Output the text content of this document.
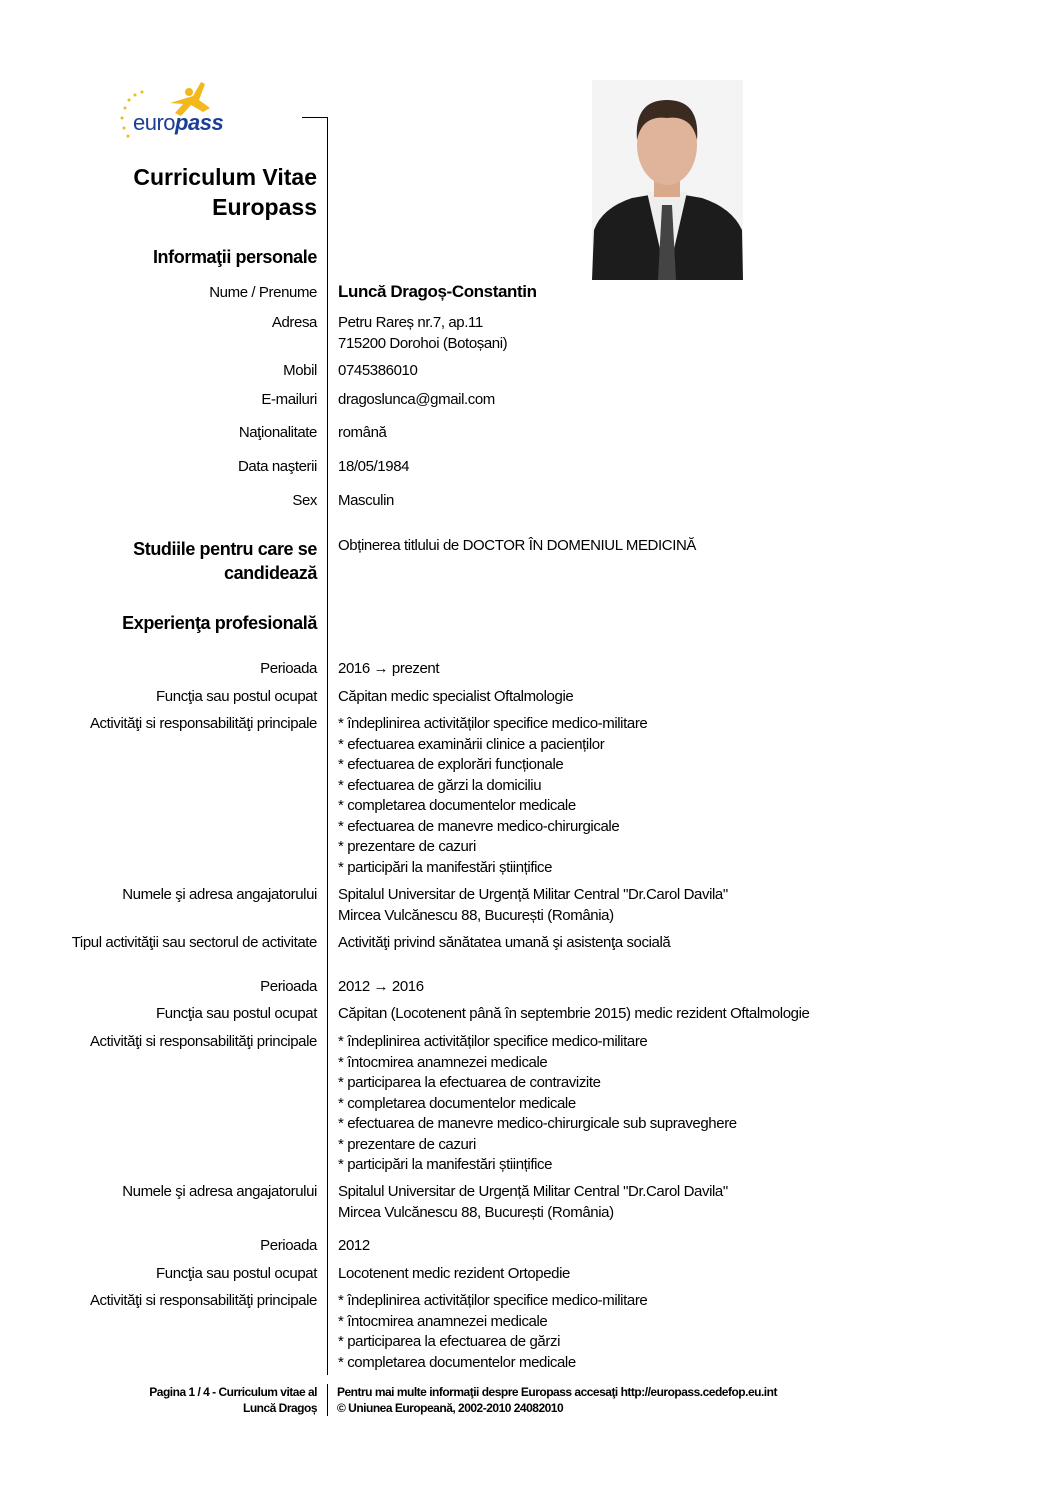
europass
Curriculum Vitae
Europass
Informaţii personale
Studiile pentru care se candidează
Obținerea titlului de DOCTOR ÎN DOMENIUL MEDICINĂ
Experienţa profesională
Nume / Prenume Luncă Dragoș-Constantin
Adresa Petru Rareș nr.7, ap.11
715200 Dorohoi (Botoșani)
Mobil 0745386010
E-mailuri dragoslunca@gmail.com
Naţionalitate română
Data naşterii 18/05/1984
Sex Masculin
Perioada 2016 → prezent
Funcţia sau postul ocupat Căpitan medic specialist Oftalmologie
Activităţi si responsabilităţi principale * îndeplinirea activităților specifice medico-militare
* efectuarea examinării clinice a pacienților
* efectuarea de explorări funcționale
* efectuarea de gărzi la domiciliu
* completarea documentelor medicale
* efectuarea de manevre medico-chirurgicale
* prezentare de cazuri
* participări la manifestări științifice
Numele şi adresa angajatorului Spitalul Universitar de Urgență Militar Central "Dr.Carol Davila"
Mircea Vulcănescu 88, București (România)
Tipul activităţii sau sectorul de activitate Activităţi privind sănătatea umană şi asistenţa socială
Perioada 2012 → 2016
Funcţia sau postul ocupat Căpitan (Locotenent până în septembrie 2015) medic rezident Oftalmologie
Activităţi si responsabilităţi principale * îndeplinirea activităților specifice medico-militare
* întocmirea anamnezei medicale
* participarea la efectuarea de contravizite
* completarea documentelor medicale
* efectuarea de manevre medico-chirurgicale sub supraveghere
* prezentare de cazuri
* participări la manifestări științifice
Numele şi adresa angajatorului Spitalul Universitar de Urgență Militar Central "Dr.Carol Davila"
Mircea Vulcănescu 88, București (România)
Perioada 2012
Funcţia sau postul ocupat Locotenent medic rezident Ortopedie
Activităţi si responsabilităţi principale * îndeplinirea activităților specifice medico-militare
* întocmirea anamnezei medicale
* participarea la efectuarea de gărzi
* completarea documentelor medicale
Pagina 1 / 4 - Curriculum vitae al
Luncă Dragoș
Pentru mai multe informaţii despre Europass accesaţi http://europass.cedefop.eu.int
© Uniunea Europeană, 2002-2010 24082010
